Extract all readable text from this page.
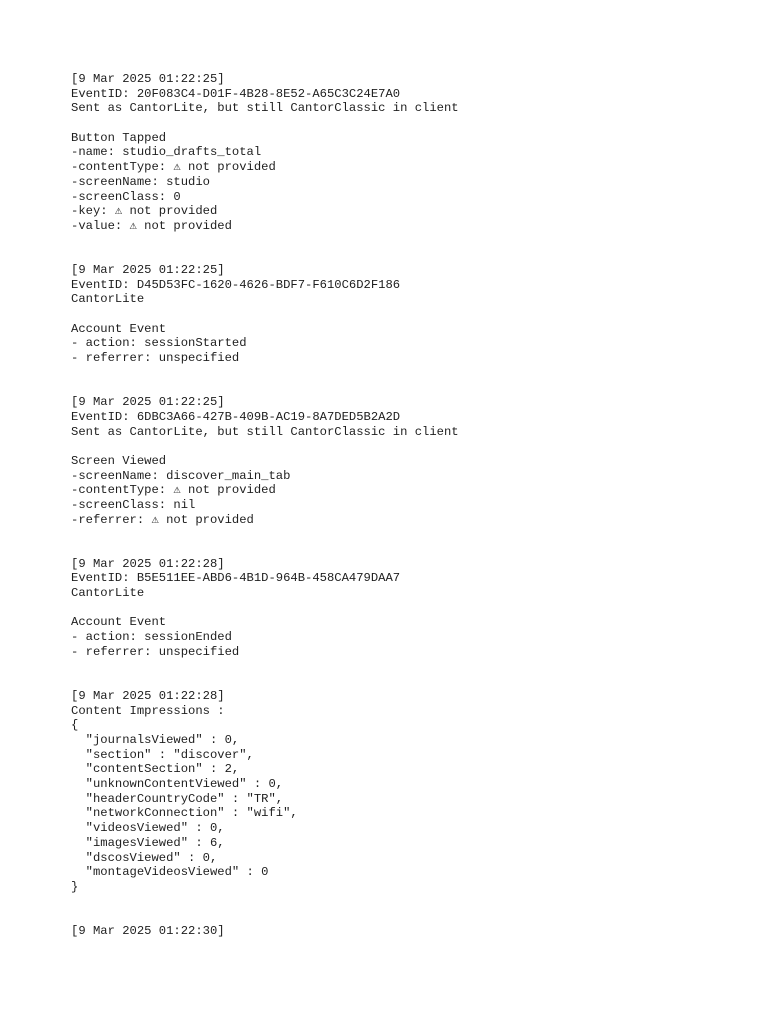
[9 Mar 2025 01:22:25]
EventID: 20F083C4-D01F-4B28-8E52-A65C3C24E7A0
Sent as CantorLite, but still CantorClassic in client
Button Tapped
-name: studio_drafts_total
-contentType: ⚠ not provided
-screenName: studio
-screenClass: 0
-key: ⚠ not provided
-value: ⚠ not provided
[9 Mar 2025 01:22:25]
EventID: D45D53FC-1620-4626-BDF7-F610C6D2F186
CantorLite
Account Event
- action: sessionStarted
- referrer: unspecified
[9 Mar 2025 01:22:25]
EventID: 6DBC3A66-427B-409B-AC19-8A7DED5B2A2D
Sent as CantorLite, but still CantorClassic in client
Screen Viewed
-screenName: discover_main_tab
-contentType: ⚠ not provided
-screenClass: nil
-referrer: ⚠ not provided
[9 Mar 2025 01:22:28]
EventID: B5E511EE-ABD6-4B1D-964B-458CA479DAA7
CantorLite
Account Event
- action: sessionEnded
- referrer: unspecified
[9 Mar 2025 01:22:28]
Content Impressions :
{
"journalsViewed" : 0,
"section" : "discover",
"contentSection" : 2,
"unknownContentViewed" : 0,
"headerCountryCode" : "TR",
"networkConnection" : "wifi",
"videosViewed" : 0,
"imagesViewed" : 6,
"dscosViewed" : 0,
"montageVideosViewed" : 0
}
[9 Mar 2025 01:22:30]
